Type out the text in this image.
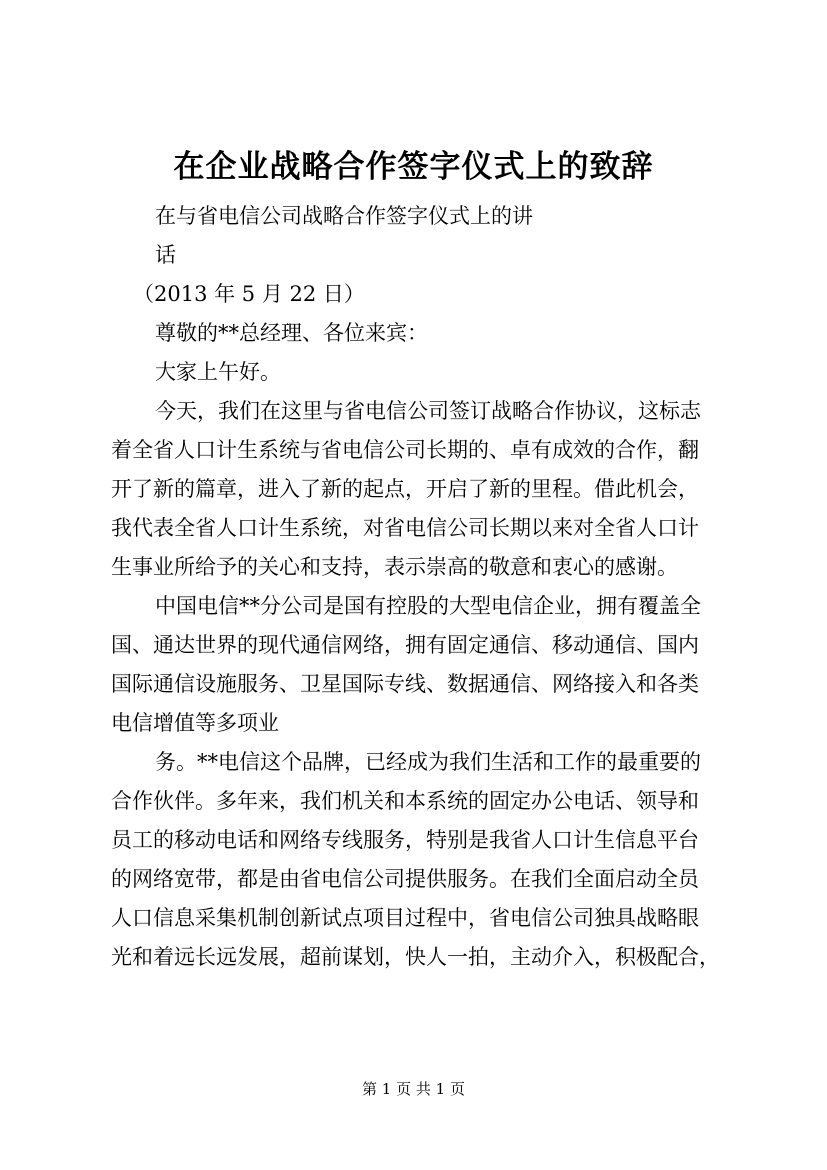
在企业战略合作签字仪式上的致辞
在与省电信公司战略合作签字仪式上的讲
话
（2013 年 5 月 22 日）
尊敬的**总经理、各位来宾：
大家上午好。
今天，我们在这里与省电信公司签订战略合作协议，这标志
着全省人口计生系统与省电信公司长期的、卓有成效的合作，翻
开了新的篇章，进入了新的起点，开启了新的里程。借此机会，
我代表全省人口计生系统，对省电信公司长期以来对全省人口计
生事业所给予的关心和支持，表示崇高的敬意和衷心的感谢。
中国电信**分公司是国有控股的大型电信企业，拥有覆盖全
国、通达世界的现代通信网络，拥有固定通信、移动通信、国内
国际通信设施服务、卫星国际专线、数据通信、网络接入和各类
电信增值等多项业
务。**电信这个品牌，已经成为我们生活和工作的最重要的
合作伙伴。多年来，我们机关和本系统的固定办公电话、领导和
员工的移动电话和网络专线服务，特别是我省人口计生信息平台
的网络宽带，都是由省电信公司提供服务。在我们全面启动全员
人口信息采集机制创新试点项目过程中，省电信公司独具战略眼
光和着远长远发展，超前谋划，快人一拍，主动介入，积极配合，
第 1 页 共 1 页
